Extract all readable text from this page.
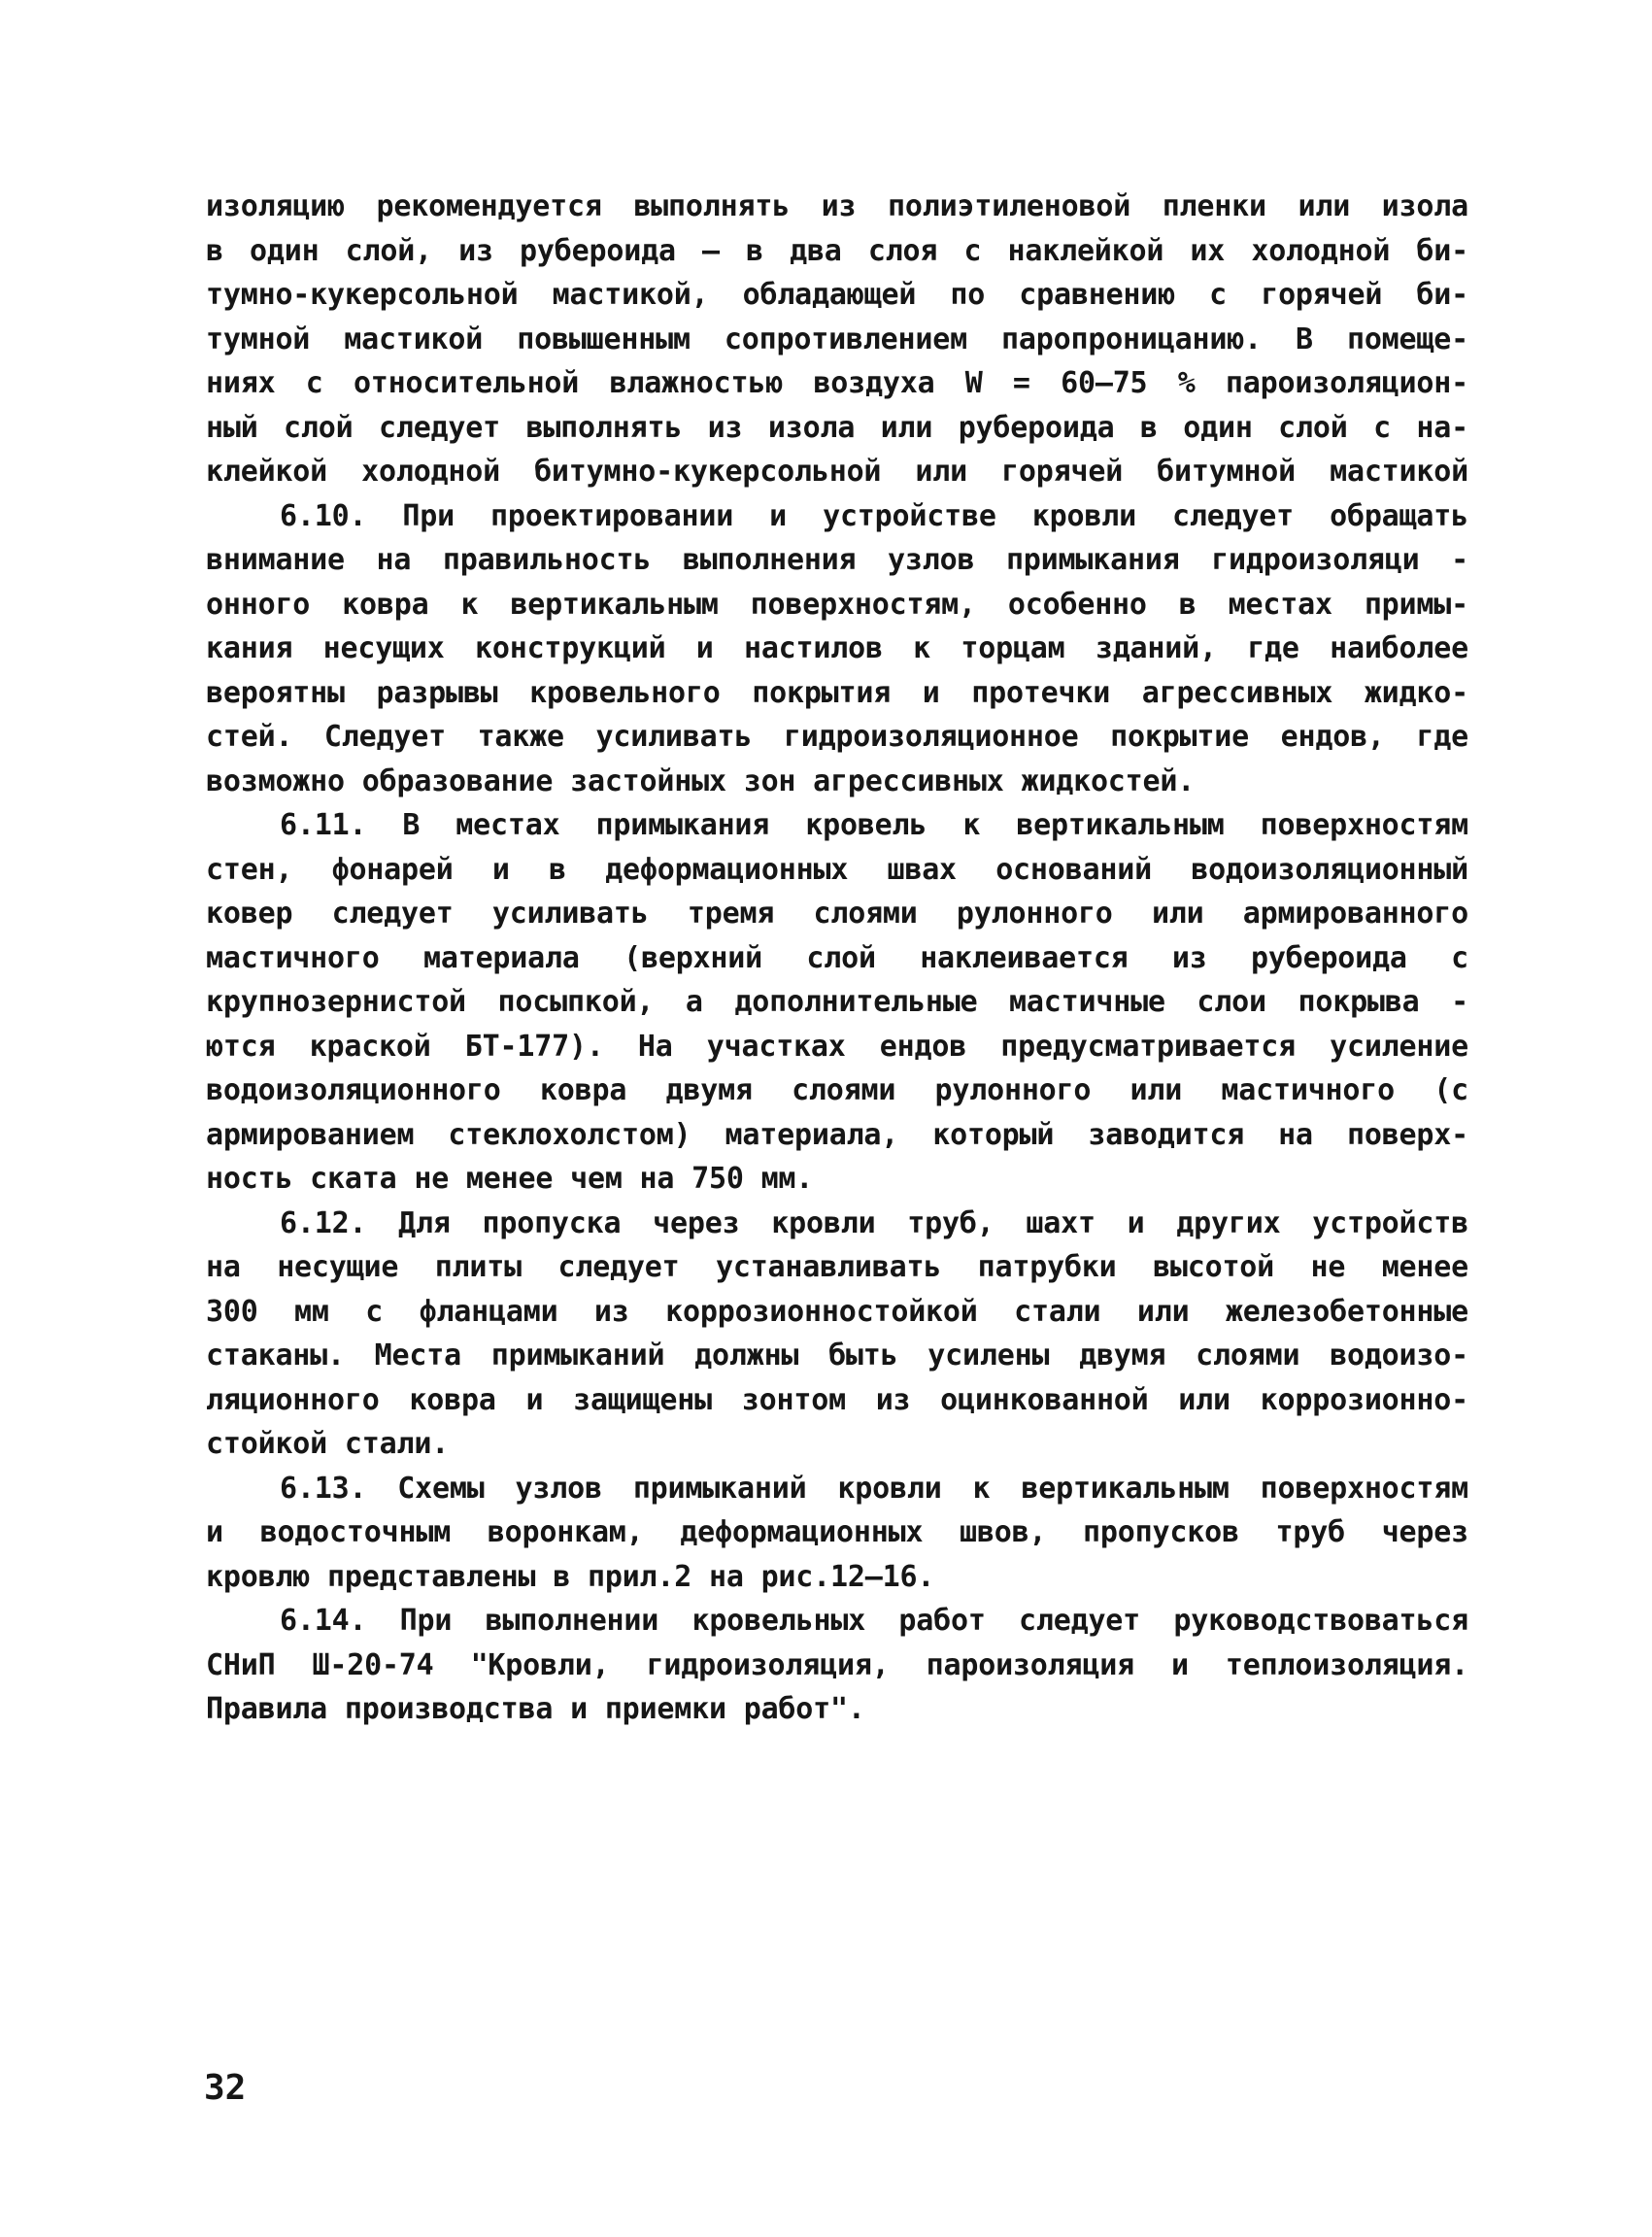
изоляцию рекомендуется выполнять из полиэтиленовой пленки или изола
в один слой, из рубероида – в два слоя с наклейкой их холодной би-
тумно-кукерсольной мастикой, обладающей по сравнению с горячей би-
тумной мастикой повышенным сопротивлением паропроницанию. В помеще-
ниях с относительной влажностью воздуха W = 60–75 % пароизоляцион-
ный слой следует выполнять из изола или рубероида в один слой с на-
клейкой холодной битумно-кукерсольной или горячей битумной мастикой
6.10. При проектировании и устройстве кровли следует обращать
внимание на правильность выполнения узлов примыкания гидроизоляци -
онного ковра к вертикальным поверхностям, особенно в местах примы-
кания несущих конструкций и настилов к торцам зданий, где наиболее
вероятны разрывы кровельного покрытия и протечки агрессивных жидко-
стей. Следует также усиливать гидроизоляционное покрытие ендов, где
возможно образование застойных зон агрессивных жидкостей.
6.11. В местах примыкания кровель к вертикальным поверхностям
стен, фонарей и в деформационных швах оснований водоизоляционный
ковер следует усиливать тремя слоями рулонного или армированного
мастичного материала (верхний слой наклеивается из рубероида с
крупнозернистой посыпкой, а дополнительные мастичные слои покрыва -
ются краской БТ-177). На участках ендов предусматривается усиление
водоизоляционного ковра двумя слоями рулонного или мастичного (с
армированием стеклохолстом) материала, который заводится на поверх-
ность ската не менее чем на 750 мм.
6.12. Для пропуска через кровли труб, шахт и других устройств
на несущие плиты следует устанавливать патрубки высотой не менее
300 мм с фланцами из коррозионностойкой стали или железобетонные
стаканы. Места примыканий должны быть усилены двумя слоями водоизо-
ляционного ковра и защищены зонтом из оцинкованной или коррозионно-
стойкой стали.
6.13. Схемы узлов примыканий кровли к вертикальным поверхностям
и водосточным воронкам, деформационных швов, пропусков труб через
кровлю представлены в прил.2 на рис.12–16.
6.14. При выполнении кровельных работ следует руководствоваться
СНиП Ш-20-74 "Кровли, гидроизоляция, пароизоляция и теплоизоляция.
Правила производства и приемки работ".
32
